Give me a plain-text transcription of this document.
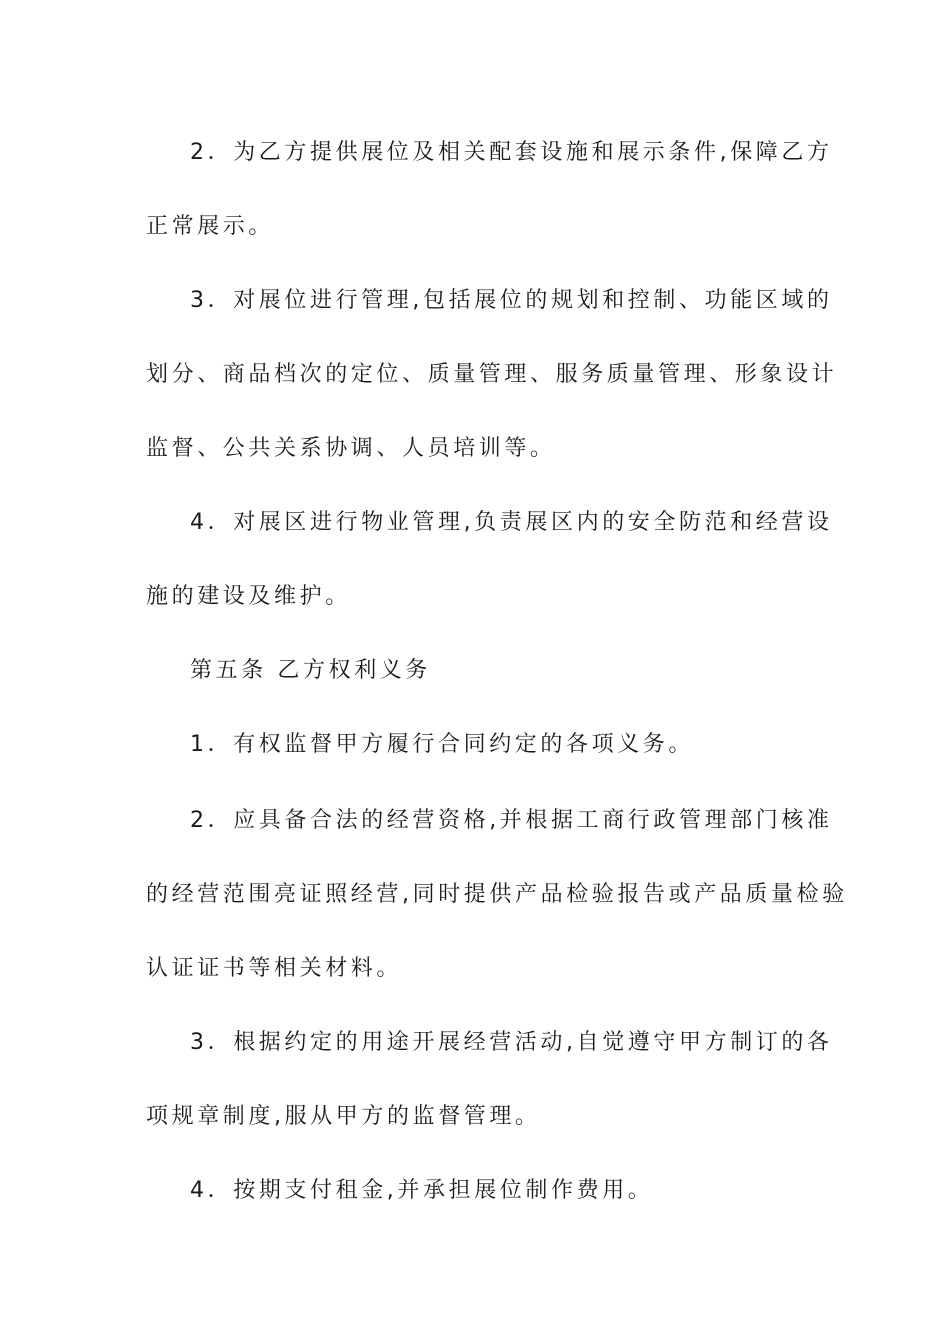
2．为乙方提供展位及相关配套设施和展示条件,保障乙方
正常展示。
3．对展位进行管理,包括展位的规划和控制、功能区域的
划分、商品档次的定位、质量管理、服务质量管理、形象设计
监督、公共关系协调、人员培训等。
4．对展区进行物业管理,负责展区内的安全防范和经营设
施的建设及维护。
第五条 乙方权利义务
1．有权监督甲方履行合同约定的各项义务。
2．应具备合法的经营资格,并根据工商行政管理部门核准
的经营范围亮证照经营,同时提供产品检验报告或产品质量检验
认证证书等相关材料。
3．根据约定的用途开展经营活动,自觉遵守甲方制订的各
项规章制度,服从甲方的监督管理。
4．按期支付租金,并承担展位制作费用。
